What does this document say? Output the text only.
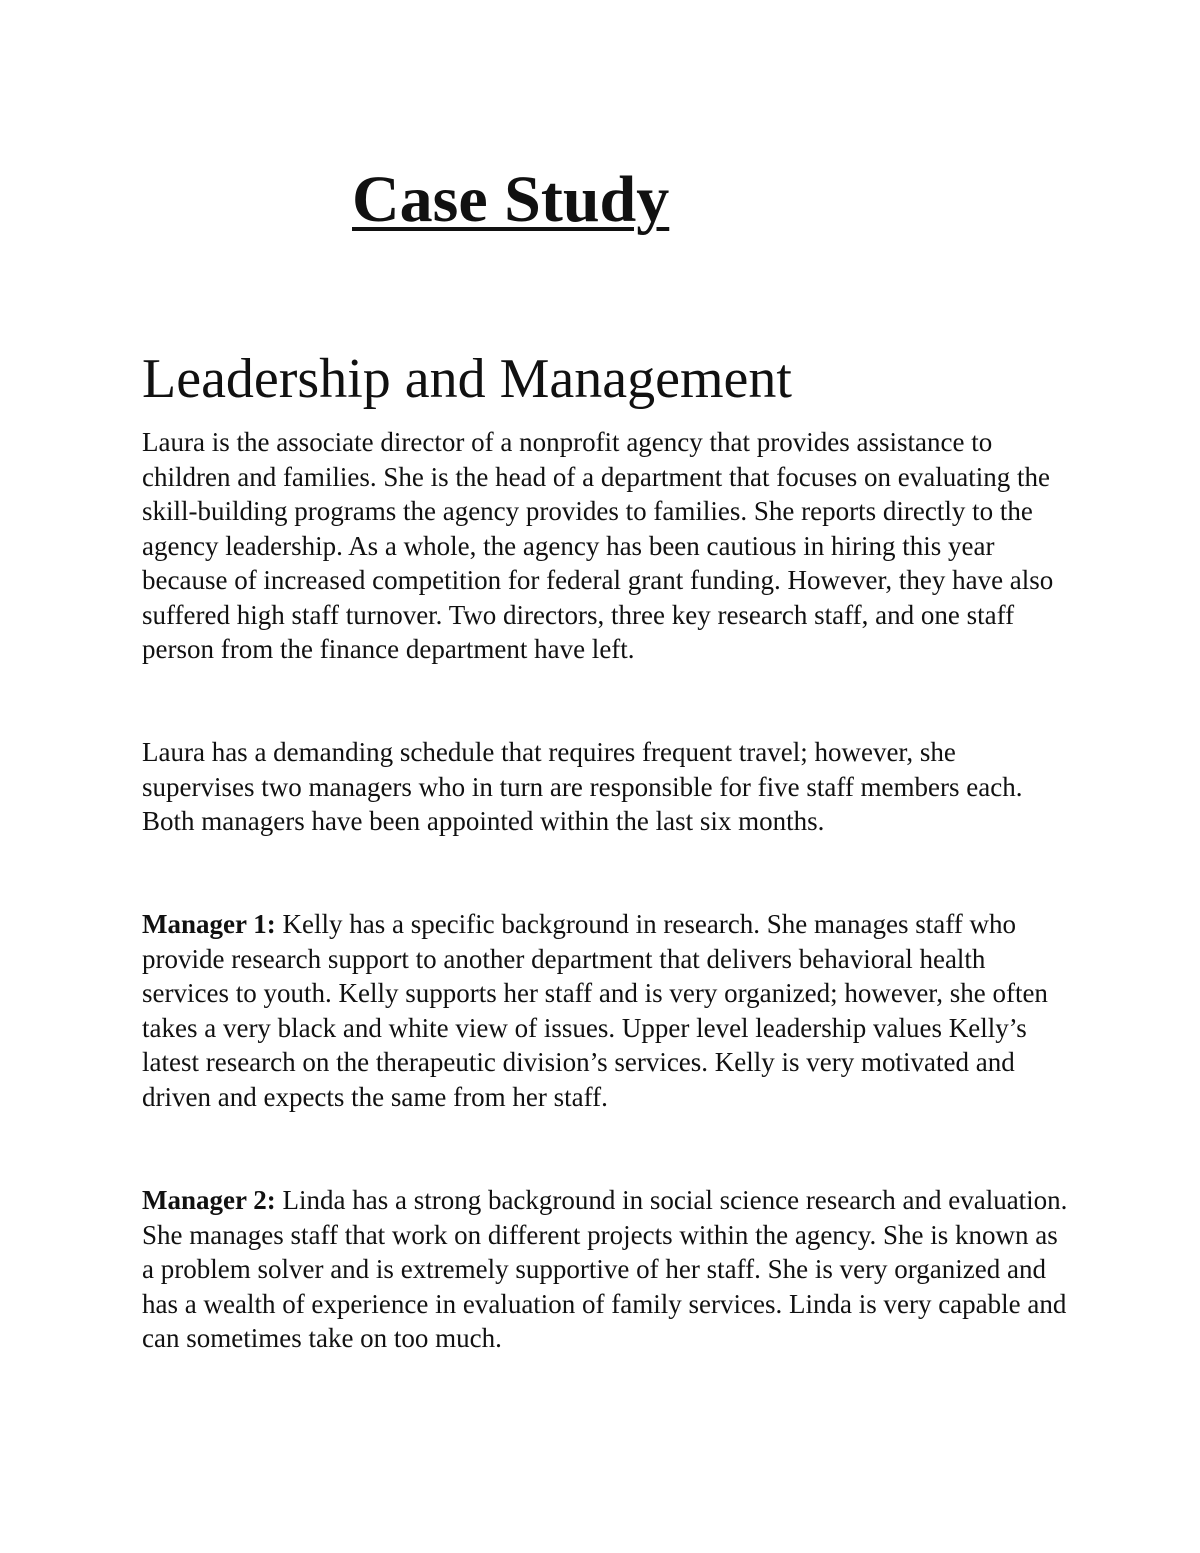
Case Study
Leadership and Management

Laura is the associate director of a nonprofit agency that provides assistance to children and families. She is the head of a department that focuses on evaluating the skill-building programs the agency provides to families. She reports directly to the agency leadership. As a whole, the agency has been cautious in hiring this year because of increased competition for federal grant funding. However, they have also suffered high staff turnover. Two directors, three key research staff, and one staff person from the finance department have left.

Laura has a demanding schedule that requires frequent travel; however, she supervises two managers who in turn are responsible for five staff members each. Both managers have been appointed within the last six months.

Manager 1: Kelly has a specific background in research. She manages staff who provide research support to another department that delivers behavioral health services to youth. Kelly supports her staff and is very organized; however, she often takes a very black and white view of issues. Upper level leadership values Kelly’s latest research on the therapeutic division’s services. Kelly is very motivated and driven and expects the same from her staff.

Manager 2: Linda has a strong background in social science research and evaluation. She manages staff that work on different projects within the agency. She is known as a problem solver and is extremely supportive of her staff. She is very organized and has a wealth of experience in evaluation of family services. Linda is very capable and can sometimes take on too much.
